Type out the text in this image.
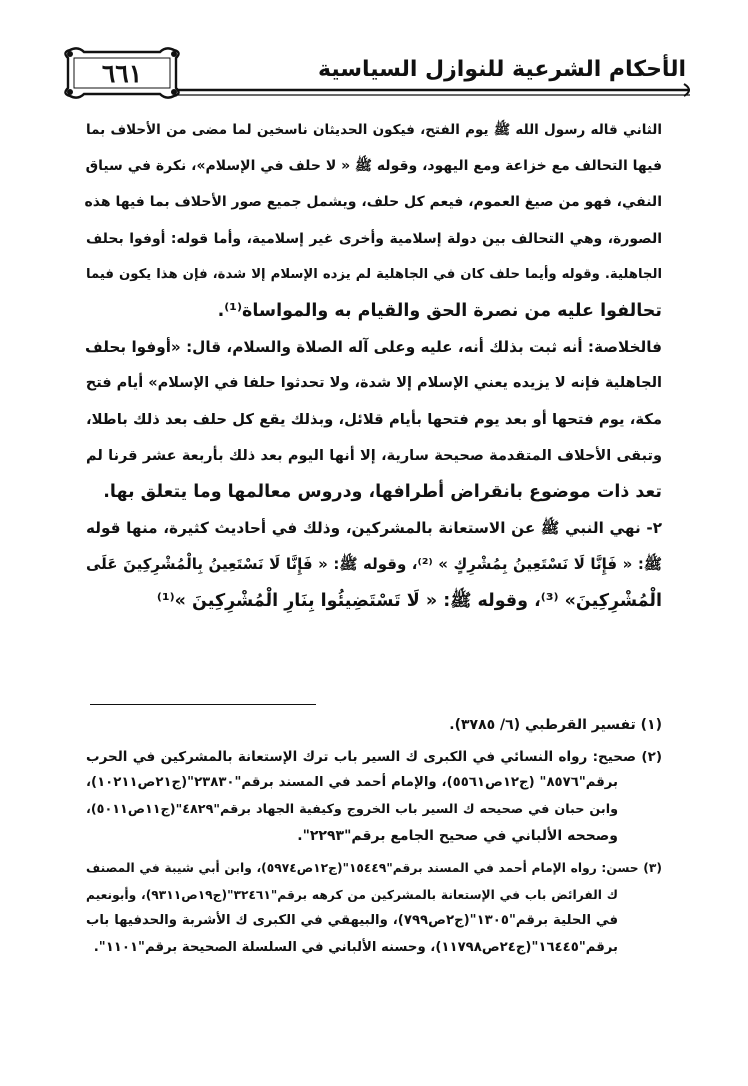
٦٦١	الأحكام الشرعية للنوازل السياسية

الثاني قاله رسول الله ﷺ يوم الفتح، فيكون الحديثان ناسخين لما مضى من الأحلاف بما
فيها التحالف مع خزاعة ومع اليهود، وقوله ﷺ « لا حلف في الإسلام»، نكرة في سياق
النفي، فهو من صيغ العموم، فيعم كل حلف، ويشمل جميع صور الأحلاف بما فيها هذه
الصورة، وهي التحالف بين دولة إسلامية وأخرى غير إسلامية، وأما قوله: أوفوا بحلف
الجاهلية. وقوله وأيما حلف كان في الجاهلية لم يزده الإسلام إلا شدة، فإن هذا يكون فيما
تحالفوا عليه من نصرة الحق والقيام به والمواساة⁽¹⁾.

فالخلاصة: أنه ثبت بذلك أنه، عليه وعلى آله الصلاة والسلام، قال: «أوفوا بحلف
الجاهلية فإنه لا يزيده يعني الإسلام إلا شدة، ولا تحدثوا حلفا في الإسلام» أيام فتح
مكة، يوم فتحها أو بعد يوم فتحها بأيام قلائل، وبذلك يقع كل حلف بعد ذلك باطلا،
وتبقى الأحلاف المتقدمة صحيحة سارية، إلا أنها اليوم بعد ذلك بأربعة عشر قرنا لم
تعد ذات موضوع بانقراض أطرافها، ودروس معالمها وما يتعلق بها.

٢- نهي النبي ﷺ عن الاستعانة بالمشركين، وذلك في أحاديث كثيرة، منها قوله
ﷺ: « فَإِنَّا لَا نَسْتَعِينُ بِمُشْرِكٍ » ⁽²⁾، وقوله ﷺ: « فَإِنَّا لَا نَسْتَعِينُ بِالْمُشْرِكِينَ عَلَى
الْمُشْرِكِينَ» ⁽³⁾، وقوله ﷺ: « لَا تَسْتَضِيئُوا بِنَارِ الْمُشْرِكِينَ »⁽¹⁾

(١) تفسير القرطبي (٦/ ٣٧٨٥).
(٢) صحيح: رواه النسائي في الكبرى ك السير باب ترك الإستعانة بالمشركين في الحرب
برقم"٨٥٧٦" (ج١٢ص٥٥٦١)، والإمام أحمد في المسند برقم"٢٣٨٣٠"(ج٢١ص١٠٢١١)،
وابن حبان في صحيحه ك السير باب الخروج وكيفية الجهاد برقم"٤٨٢٩"(ج١١ص٥٠١١)،
وصححه الألباني في صحيح الجامع برقم"٢٢٩٣".
(٣) حسن: رواه الإمام أحمد في المسند برقم"١٥٤٤٩"(ج١٢ص٥٩٧٤)، وابن أبي شيبة في المصنف
ك الفرائض باب في الإستعانة بالمشركين من كرهه برقم"٣٢٤٦١"(ج١٩ص٩٣١١)، وأبونعيم
في الحلية برقم"١٣٠٥"(ج٢ص٧٩٩)، والبيهقي في الكبرى ك الأشربة والحدفيها باب
برقم"١٦٤٤٥"(ج٢٤ص١١٧٩٨)، وحسنه الألباني في السلسلة الصحيحة برقم"١١٠١".
